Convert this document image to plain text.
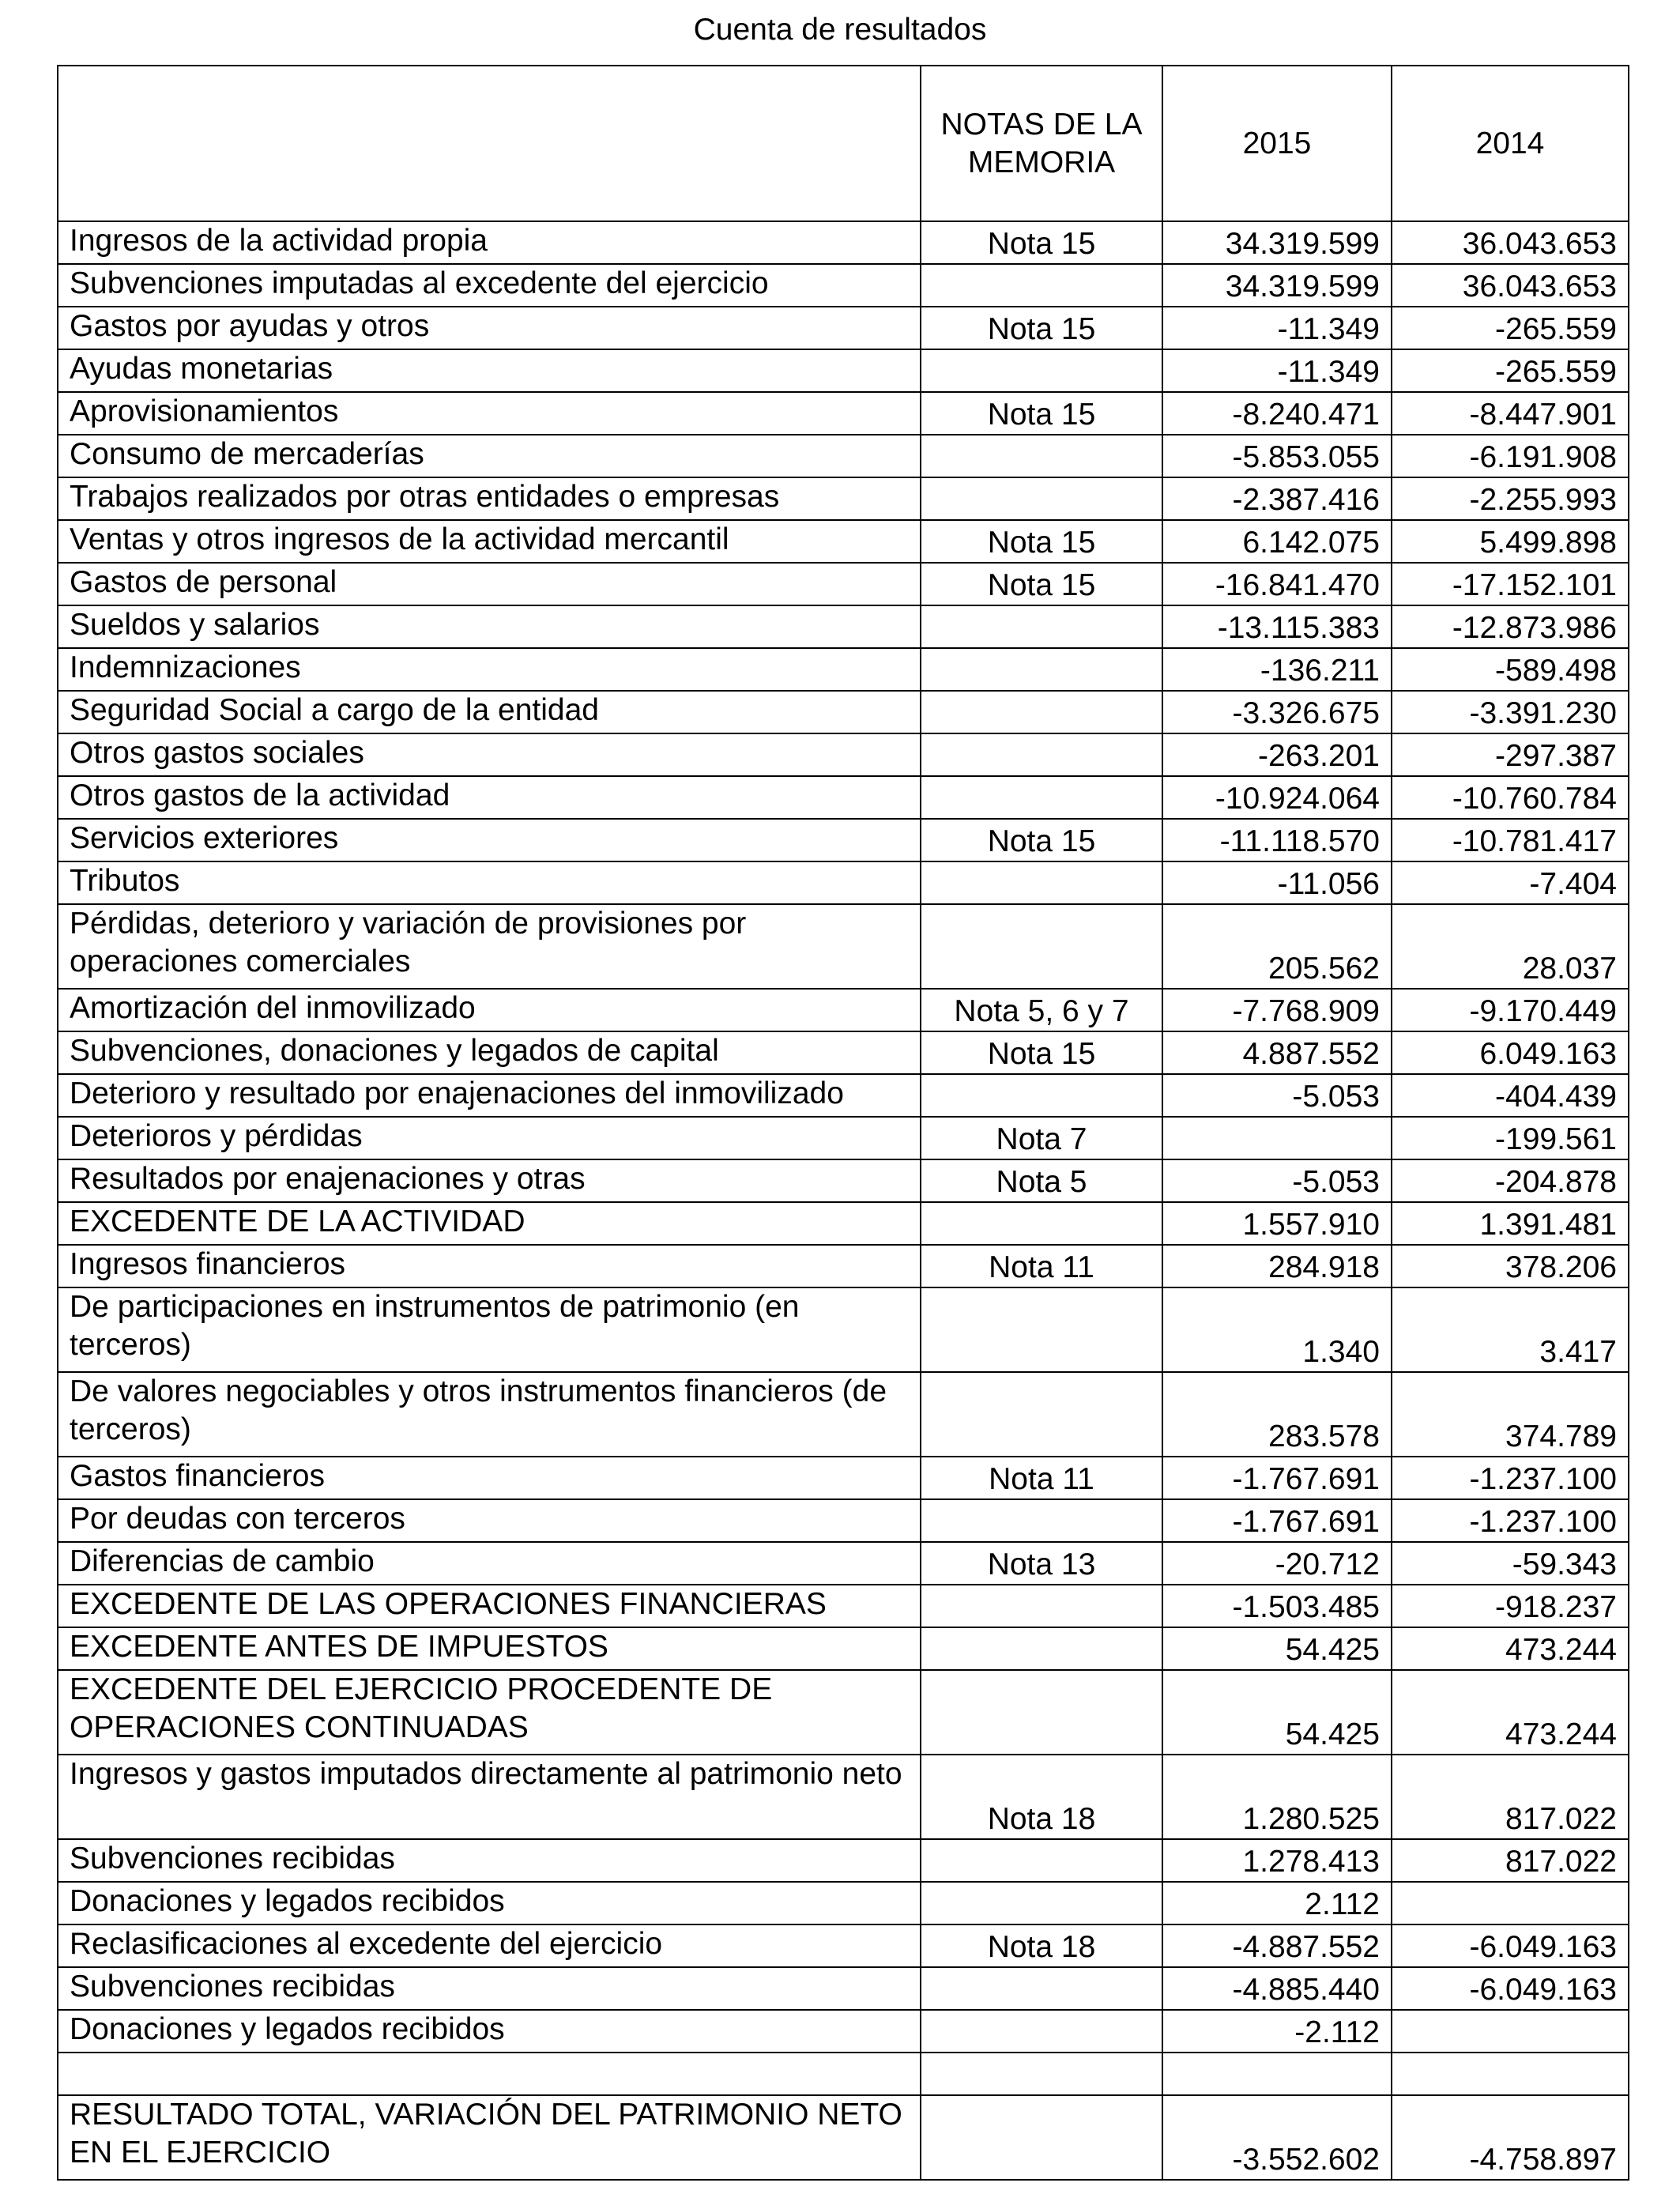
Cuenta de resultados
	NOTAS DE LA MEMORIA	2015	2014
Ingresos de la actividad propia	Nota 15	34.319.599	36.043.653
Subvenciones imputadas al excedente del ejercicio		34.319.599	36.043.653
Gastos por ayudas y otros	Nota 15	-11.349	-265.559
Ayudas monetarias		-11.349	-265.559
Aprovisionamientos	Nota 15	-8.240.471	-8.447.901
Consumo de mercaderías		-5.853.055	-6.191.908
Trabajos realizados por otras entidades o empresas		-2.387.416	-2.255.993
Ventas y otros ingresos de la actividad mercantil	Nota 15	6.142.075	5.499.898
Gastos de personal	Nota 15	-16.841.470	-17.152.101
Sueldos y salarios		-13.115.383	-12.873.986
Indemnizaciones		-136.211	-589.498
Seguridad Social a cargo de la entidad		-3.326.675	-3.391.230
Otros gastos sociales		-263.201	-297.387
Otros gastos de la actividad		-10.924.064	-10.760.784
Servicios exteriores	Nota 15	-11.118.570	-10.781.417
Tributos		-11.056	-7.404
Pérdidas, deterioro y variación de provisiones por operaciones comerciales		205.562	28.037
Amortización del inmovilizado	Nota 5, 6 y 7	-7.768.909	-9.170.449
Subvenciones, donaciones y legados de capital	Nota 15	4.887.552	6.049.163
Deterioro y resultado por enajenaciones del inmovilizado		-5.053	-404.439
Deterioros y pérdidas	Nota 7		-199.561
Resultados por enajenaciones y otras	Nota 5	-5.053	-204.878
EXCEDENTE DE LA ACTIVIDAD		1.557.910	1.391.481
Ingresos financieros	Nota 11	284.918	378.206
De participaciones en instrumentos de patrimonio (en terceros)		1.340	3.417
De valores negociables y otros instrumentos financieros (de terceros)		283.578	374.789
Gastos financieros	Nota 11	-1.767.691	-1.237.100
Por deudas con terceros		-1.767.691	-1.237.100
Diferencias de cambio	Nota 13	-20.712	-59.343
EXCEDENTE DE LAS OPERACIONES FINANCIERAS		-1.503.485	-918.237
EXCEDENTE ANTES DE IMPUESTOS		54.425	473.244
EXCEDENTE DEL EJERCICIO PROCEDENTE DE OPERACIONES CONTINUADAS		54.425	473.244
Ingresos y gastos imputados directamente al patrimonio neto	Nota 18	1.280.525	817.022
Subvenciones recibidas		1.278.413	817.022
Donaciones y legados recibidos		2.112	
Reclasificaciones al excedente del ejercicio	Nota 18	-4.887.552	-6.049.163
Subvenciones recibidas		-4.885.440	-6.049.163
Donaciones y legados recibidos		-2.112	

RESULTADO TOTAL, VARIACIÓN DEL PATRIMONIO NETO EN EL EJERCICIO		-3.552.602	-4.758.897
